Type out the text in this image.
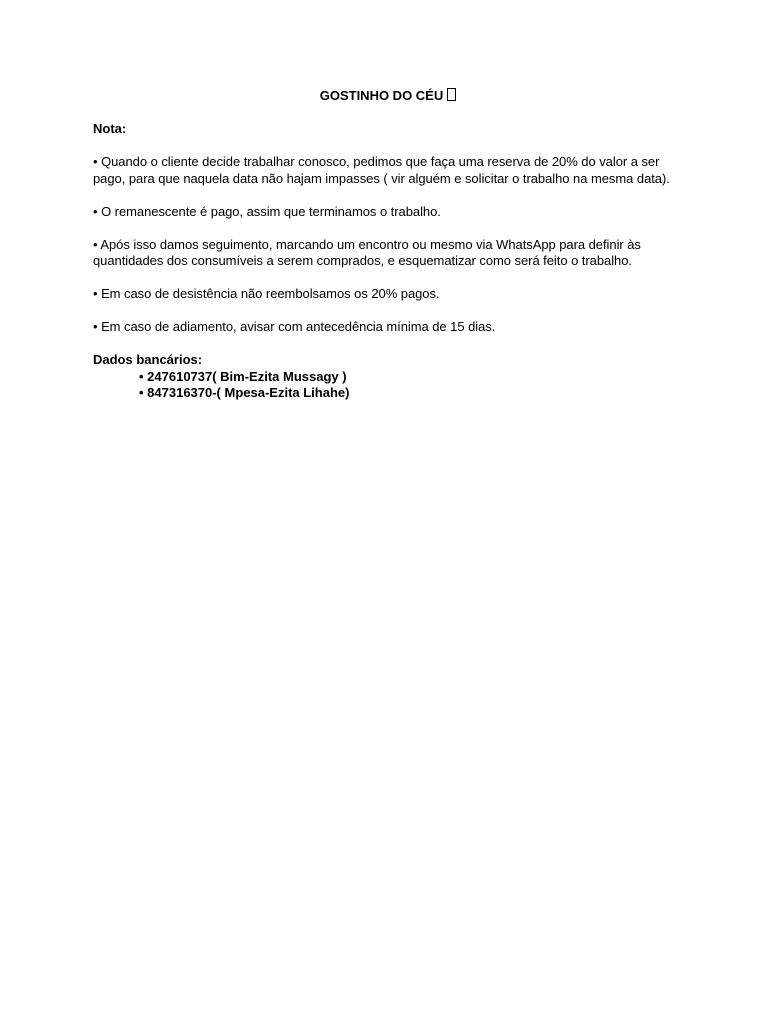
GOSTINHO DO CÉU
Nota:
• Quando o cliente decide trabalhar conosco, pedimos que faça uma reserva de 20% do valor a ser pago, para que naquela data não hajam impasses ( vir alguém e solicitar o trabalho na mesma data).
• O remanescente é pago, assim que terminamos o trabalho.
• Após isso damos seguimento, marcando um encontro ou mesmo via WhatsApp para definir às quantidades dos consumíveis a serem comprados, e esquematizar como será feito o trabalho.
• Em caso de desistência não reembolsamos os 20% pagos.
• Em caso de adiamento, avisar com antecedência mínima de 15 dias.
Dados bancários:
• 247610737( Bim-Ezita Mussagy )
• 847316370-( Mpesa-Ezita Lihahe)
